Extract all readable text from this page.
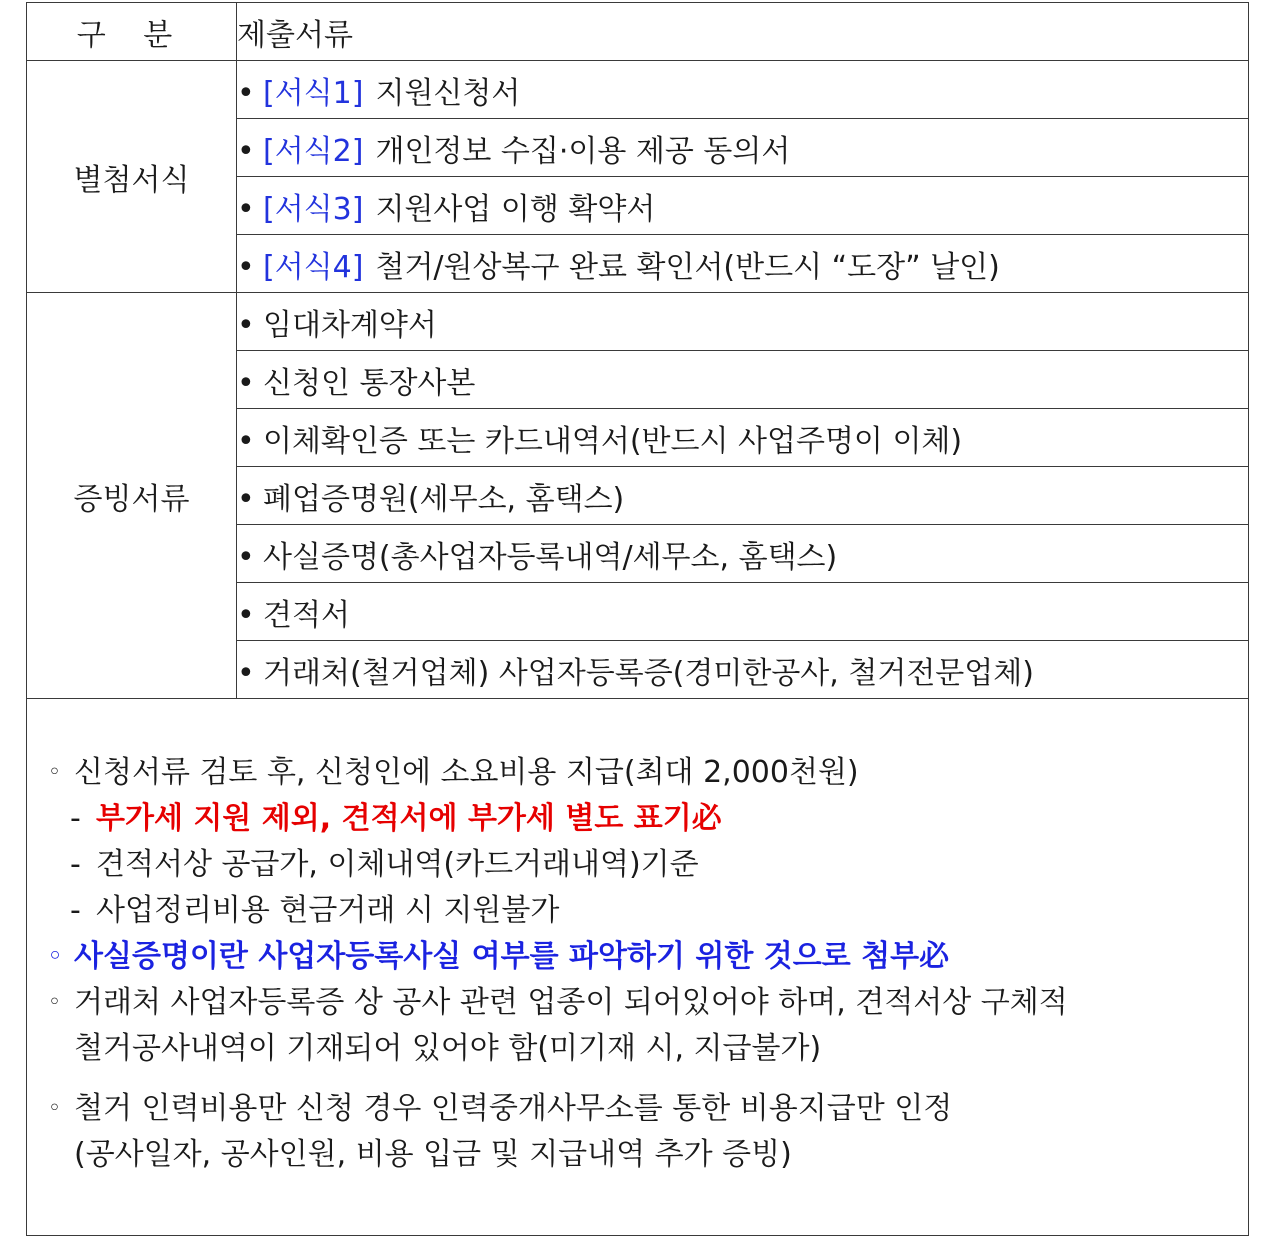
구 분	제출서류
별첨서식	• [서식1] 지원신청서
	• [서식2] 개인정보 수집·이용 제공 동의서
	• [서식3] 지원사업 이행 확약서
	• [서식4] 철거/원상복구 완료 확인서(반드시 “도장” 날인)
증빙서류	• 임대차계약서
	• 신청인 통장사본
	• 이체확인증 또는 카드내역서(반드시 사업주명이 이체)
	• 폐업증명원(세무소, 홈택스)
	• 사실증명(총사업자등록내역/세무소, 홈택스)
	• 견적서
	• 거래처(철거업체) 사업자등록증(경미한공사, 철거전문업체)
◦ 신청서류 검토 후, 신청인에 소요비용 지급(최대 2,000천원)
- 부가세 지원 제외, 견적서에 부가세 별도 표기必
- 견적서상 공급가, 이체내역(카드거래내역)기준
- 사업정리비용 현금거래 시 지원불가
◦ 사실증명이란 사업자등록사실 여부를 파악하기 위한 것으로 첨부必
◦ 거래처 사업자등록증 상 공사 관련 업종이 되어있어야 하며, 견적서상 구체적
철거공사내역이 기재되어 있어야 함(미기재 시, 지급불가)
◦ 철거 인력비용만 신청 경우 인력중개사무소를 통한 비용지급만 인정
(공사일자, 공사인원, 비용 입금 및 지급내역 추가 증빙)
